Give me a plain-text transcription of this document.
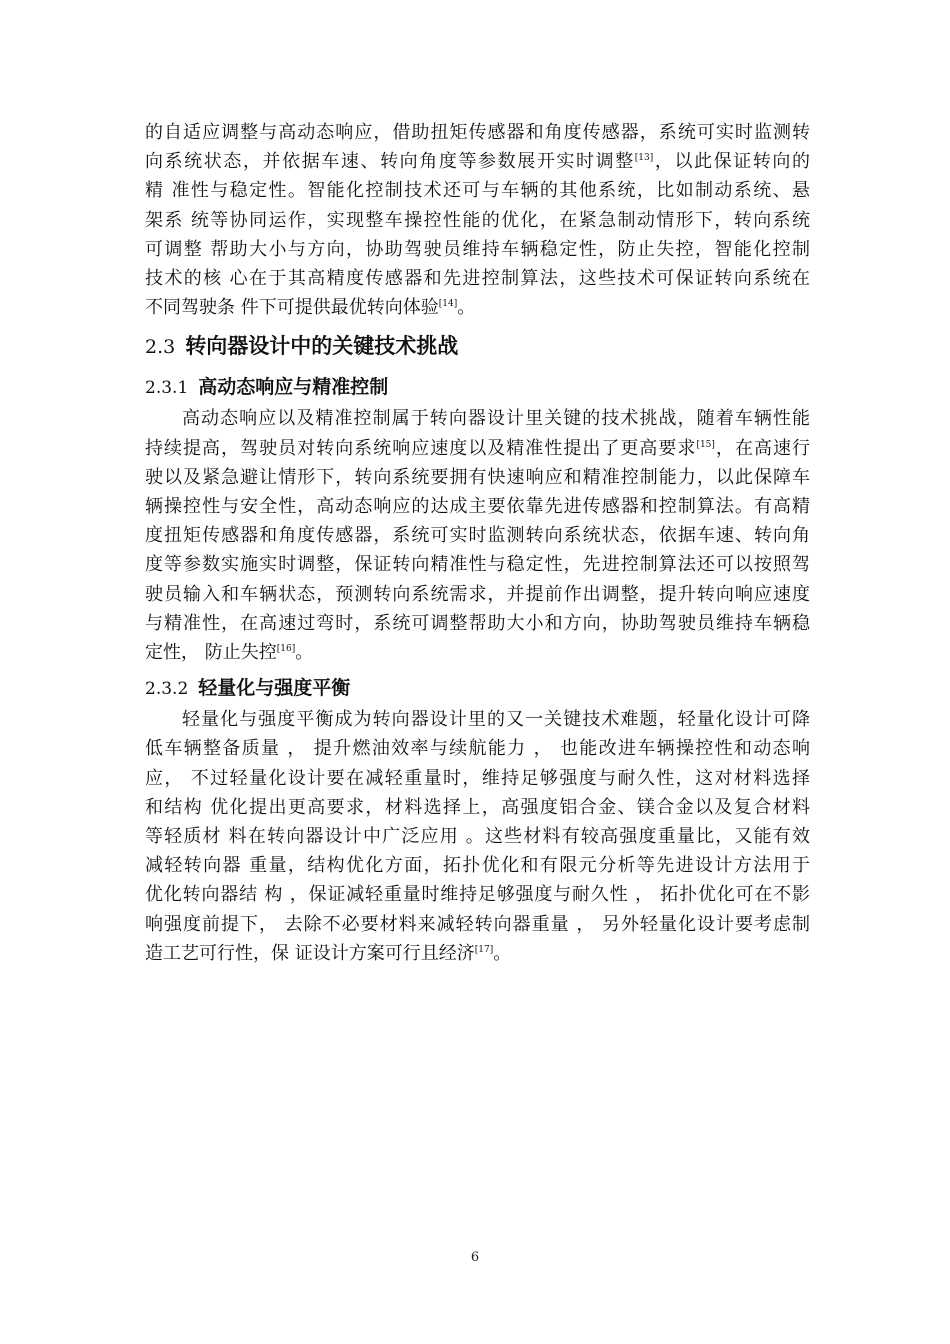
的自适应调整与高动态响应，借助扭矩传感器和角度传感器，系统可实时监测转
向系统状态，并依据车速、转向角度等参数展开实时调整[13]，以此保证转向的
精 准性与稳定性。智能化控制技术还可与车辆的其他系统，比如制动系统、悬
架系 统等协同运作，实现整车操控性能的优化，在紧急制动情形下，转向系统
可调整 帮助大小与方向，协助驾驶员维持车辆稳定性，防止失控，智能化控制
技术的核 心在于其高精度传感器和先进控制算法，这些技术可保证转向系统在
不同驾驶条 件下可提供最优转向体验[14]。
2.3 转向器设计中的关键技术挑战
2.3.1 高动态响应与精准控制
高动态响应以及精准控制属于转向器设计里关键的技术挑战，随着车辆性能
持续提高，驾驶员对转向系统响应速度以及精准性提出了更高要求[15]，在高速行
驶以及紧急避让情形下，转向系统要拥有快速响应和精准控制能力，以此保障车
辆操控性与安全性，高动态响应的达成主要依靠先进传感器和控制算法。有高精
度扭矩传感器和角度传感器，系统可实时监测转向系统状态，依据车速、转向角
度等参数实施实时调整，保证转向精准性与稳定性，先进控制算法还可以按照驾
驶员输入和车辆状态，预测转向系统需求，并提前作出调整，提升转向响应速度
与精准性，在高速过弯时，系统可调整帮助大小和方向，协助驾驶员维持车辆稳
定性， 防止失控[16]。
2.3.2 轻量化与强度平衡
轻量化与强度平衡成为转向器设计里的又一关键技术难题，轻量化设计可降
低车辆整备质量 ， 提升燃油效率与续航能力 ， 也能改进车辆操控性和动态响
应， 不过轻量化设计要在减轻重量时，维持足够强度与耐久性，这对材料选择
和结构 优化提出更高要求，材料选择上，高强度铝合金、镁合金以及复合材料
等轻质材 料在转向器设计中广泛应用 。这些材料有较高强度重量比，又能有效
减轻转向器 重量，结构优化方面，拓扑优化和有限元分析等先进设计方法用于
优化转向器结 构 ，保证减轻重量时维持足够强度与耐久性 ， 拓扑优化可在不影
响强度前提下， 去除不必要材料来减轻转向器重量 ， 另外轻量化设计要考虑制
造工艺可行性，保 证设计方案可行且经济[17]。
6
